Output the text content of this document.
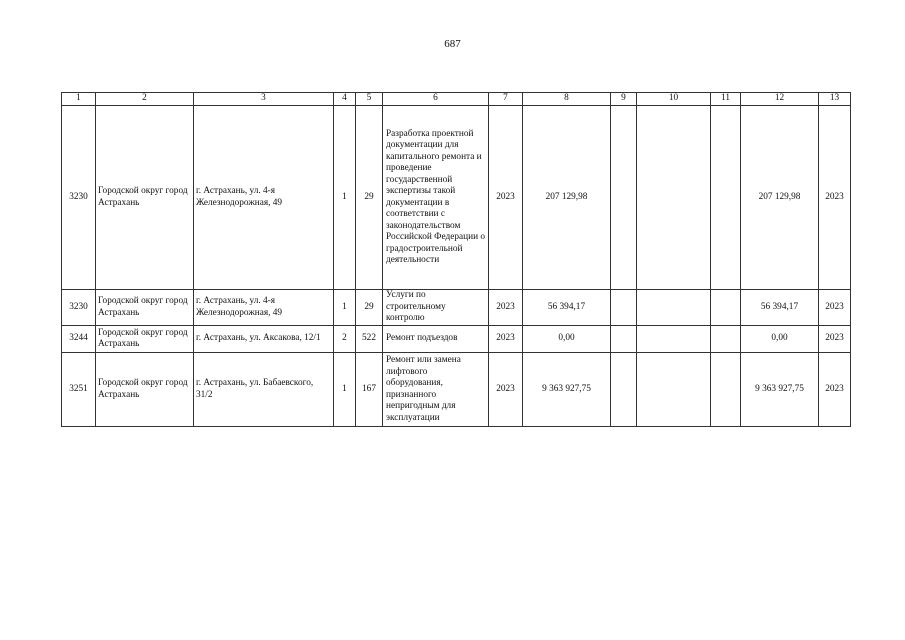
687
1	2	3	4	5	6	7	8	9	10	11	12	13
3230	Городской округ город Астрахань	г. Астрахань, ул. 4-я Железнодорожная, 49	1	29	Разработка проектной документации для капитального ремонта и проведение государственной экспертизы такой документации в соответствии с законодательством Российской Федерации о градостроительной деятельности	2023	207 129,98				207 129,98	2023
3230	Городской округ город Астрахань	г. Астрахань, ул. 4-я Железнодорожная, 49	1	29	Услуги по строительному контролю	2023	56 394,17				56 394,17	2023
3244	Городской округ город Астрахань	г. Астрахань, ул. Аксакова, 12/1	2	522	Ремонт подъездов	2023	0,00				0,00	2023
3251	Городской округ город Астрахань	г. Астрахань, ул. Бабаевского, 31/2	1	167	Ремонт или замена лифтового оборудования, признанного непригодным для эксплуатации	2023	9 363 927,75				9 363 927,75	2023
